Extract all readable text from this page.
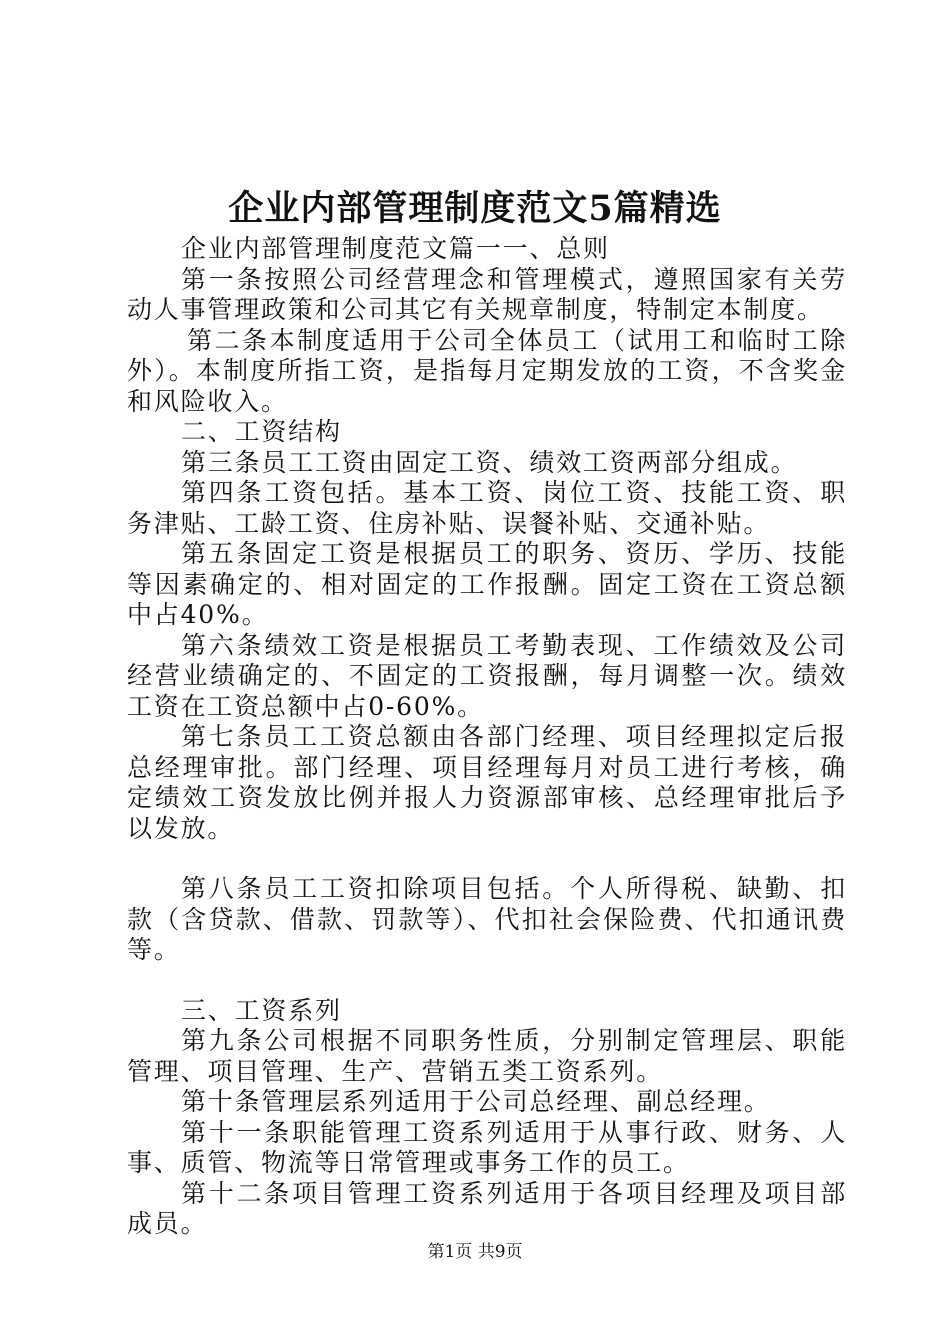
企业内部管理制度范文5篇精选

企业内部管理制度范文篇一一、总则

第一条按照公司经营理念和管理模式，遵照国家有关劳动人事管理政策和公司其它有关规章制度，特制定本制度。

第二条本制度适用于公司全体员工（试用工和临时工除外）。本制度所指工资，是指每月定期发放的工资，不含奖金和风险收入。

二、工资结构

第三条员工工资由固定工资、绩效工资两部分组成。

第四条工资包括。基本工资、岗位工资、技能工资、职务津贴、工龄工资、住房补贴、误餐补贴、交通补贴。

第五条固定工资是根据员工的职务、资历、学历、技能等因素确定的、相对固定的工作报酬。固定工资在工资总额中占40%。

第六条绩效工资是根据员工考勤表现、工作绩效及公司经营业绩确定的、不固定的工资报酬，每月调整一次。绩效工资在工资总额中占0-60%。

第七条员工工资总额由各部门经理、项目经理拟定后报总经理审批。部门经理、项目经理每月对员工进行考核，确定绩效工资发放比例并报人力资源部审核、总经理审批后予以发放。

第八条员工工资扣除项目包括。个人所得税、缺勤、扣款（含贷款、借款、罚款等）、代扣社会保险费、代扣通讯费等。

三、工资系列

第九条公司根据不同职务性质，分别制定管理层、职能管理、项目管理、生产、营销五类工资系列。

第十条管理层系列适用于公司总经理、副总经理。

第十一条职能管理工资系列适用于从事行政、财务、人事、质管、物流等日常管理或事务工作的员工。

第十二条项目管理工资系列适用于各项目经理及项目部成员。

第1页 共9页
